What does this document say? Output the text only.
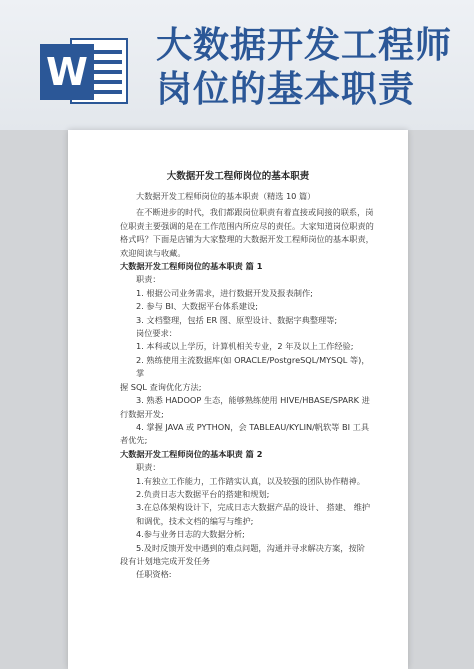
W
大数据开发工程师岗位的基本职责
大数据开发工程师岗位的基本职责

大数据开发工程师岗位的基本职责（精选 10 篇）

在不断进步的时代，我们都跟岗位职责有着直接或间接的联系，岗位职责主要强调的是在工作范围内所应尽的责任。大家知道岗位职责的格式吗？下面是店铺为大家整理的大数据开发工程师岗位的基本职责，欢迎阅读与收藏。

大数据开发工程师岗位的基本职责 篇 1

职责：

1. 根据公司业务需求，进行数据开发及报表制作;

2. 参与 BI、大数据平台体系建设;

3. 文档整理，包括 ER 图、原型设计、数据字典整理等;

岗位要求：

1. 本科或以上学历，计算机相关专业，2 年及以上工作经验;

2. 熟练使用主流数据库(如 ORACLE/PostgreSQL/MYSQL 等)，掌

握 SQL 查询优化方法;

3. 熟悉 HADOOP 生态，能够熟练使用 HIVE/HBASE/SPARK 进

行数据开发;

4. 掌握 JAVA 或 PYTHON，会 TABLEAU/KYLIN/帆软等 BI 工具

者优先;

大数据开发工程师岗位的基本职责 篇 2

职责：

1.有独立工作能力，工作踏实认真，以及较强的团队协作精神。

2.负责日志大数据平台的搭建和规划;

3.在总体架构设计下，完成日志大数据产品的设计、 搭建、 维护

和调优，技术文档的编写与维护;

4.参与业务日志的大数据分析;

5.及时反馈开发中遇到的难点问题，沟通并寻求解决方案，按阶

段有计划地完成开发任务

任职资格:
